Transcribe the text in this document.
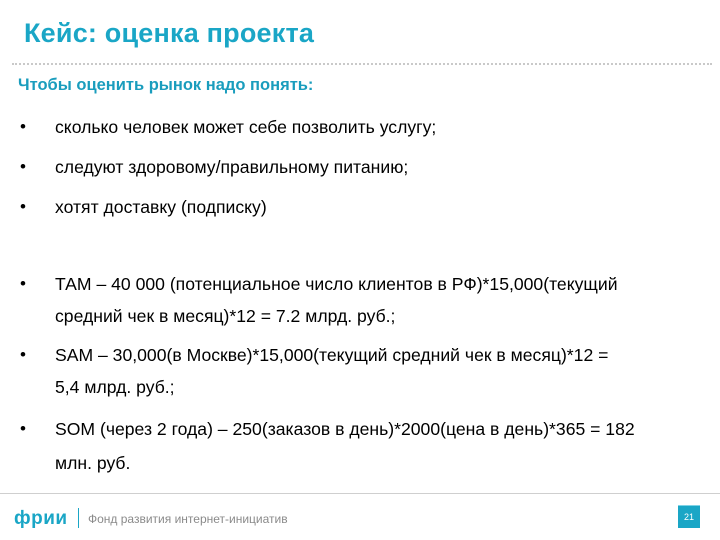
Кейс: оценка проекта
Чтобы оценить рынок надо понять:
• сколько человек может себе позволить услугу;
• следуют здоровому/правильному питанию;
• хотят доставку (подписку)
• ТАМ – 40 000 (потенциальное число клиентов в РФ)*15,000(текущий
средний чек в месяц)*12 = 7.2 млрд. руб.;
• SAM – 30,000(в Москве)*15,000(текущий средний чек в месяц)*12 =
5,4 млрд. руб.;
• SOM (через 2 года) – 250(заказов в день)*2000(цена в день)*365 = 182
млн. руб.
фрии Фонд развития интернет-инициатив	21
